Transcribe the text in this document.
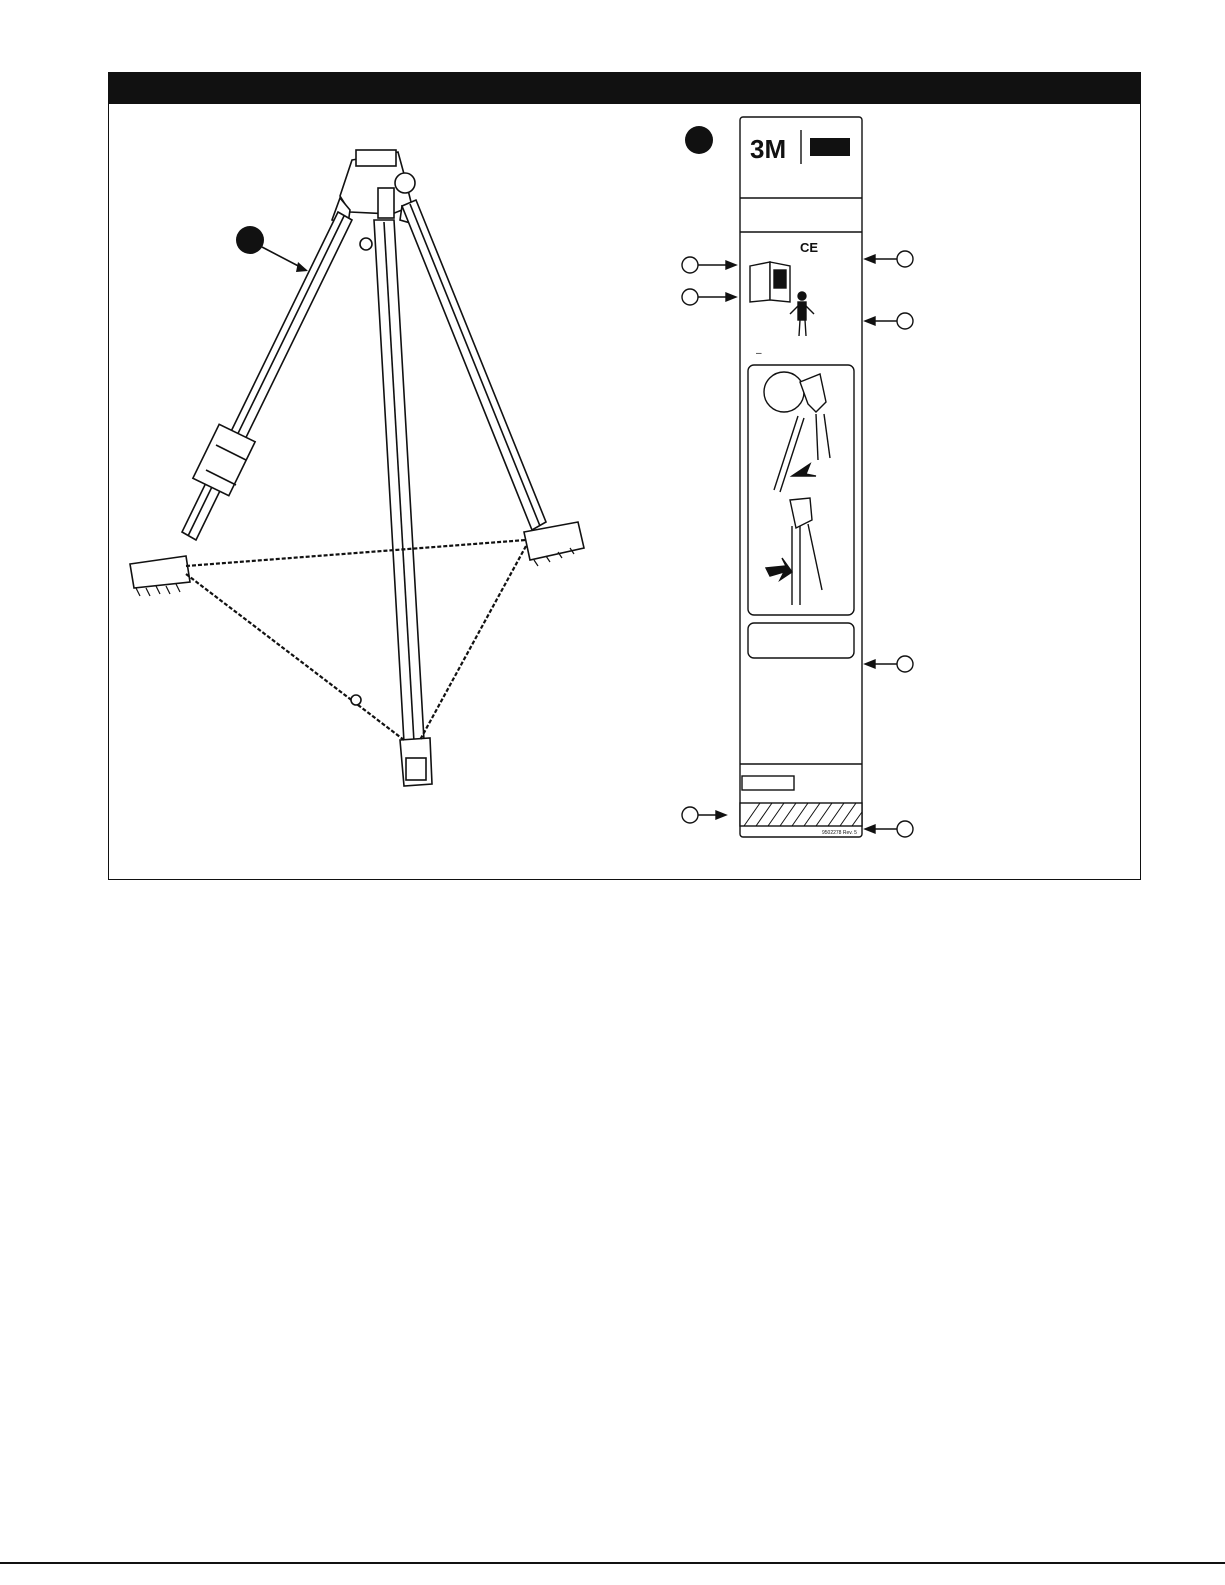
3M
CE
–
9502278 Rev. 5
